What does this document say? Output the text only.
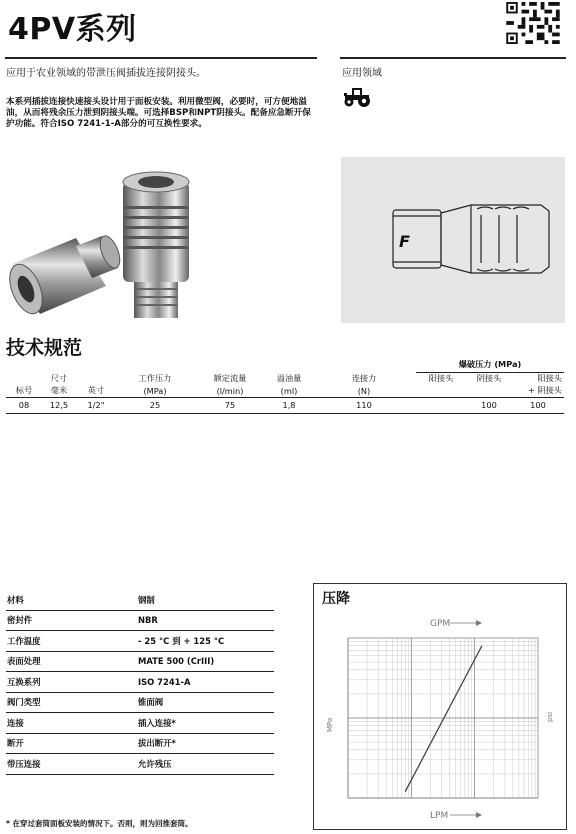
4PV系列
应用于农业领域的带泄压阀插拔连接阴接头。	应用领域
本系列插拔连接快速接头设计用于面板安装。利用微型阀，必要时，可方便地溢油，从而将残余压力泄到阴接头端。可选择BSP和NPT阴接头。配备应急断开保护功能。符合ISO 7241-1-A部分的可互换性要求。
F
技术规范
							爆破压力 (MPa)		
	尺寸		工作压力	额定流量	溢油量	连接力	阳接头	阴接头	阳接头
标号	毫米	英寸	(MPa)	(l/min)	(ml)	(N)			+ 阴接头
08	12,5	1/2"	25	75	1,8	110		100	100
材料	钢制
密封件	NBR
工作温度	- 25 °C 到 + 125 °C
表面处理	MATE 500 (CrIII)
互换系列	ISO 7241-A
阀门类型	锥面阀
连接	插入连接*
断开	拔出断开*
带压连接	允许残压
* 在穿过套筒面板安装的情况下。否则，则为回推套筒。
压降
GPM
LPM
MPa
psi
